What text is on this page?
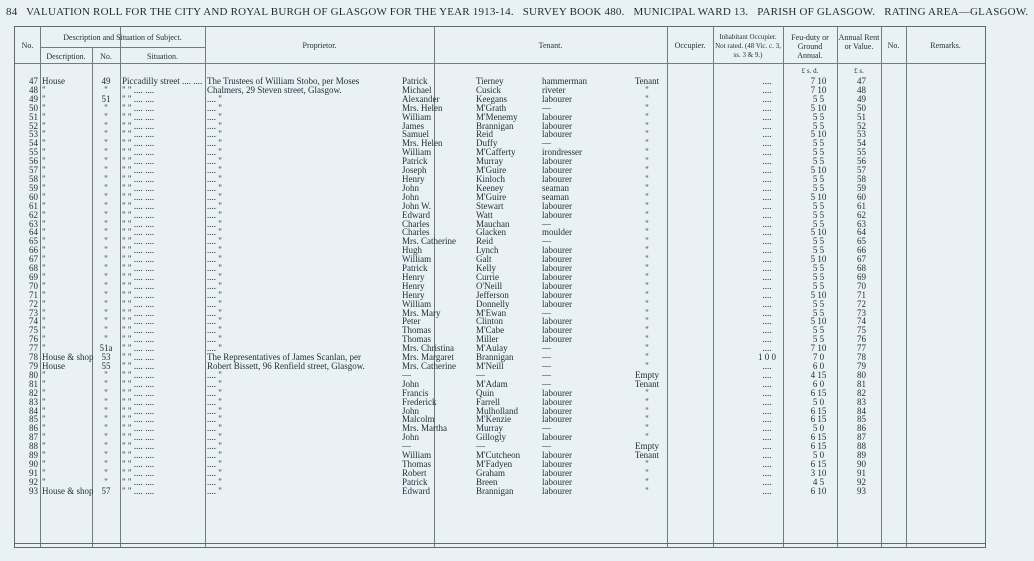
84 VALUATION ROLL FOR THE CITY AND ROYAL BURGH OF GLASGOW FOR THE YEAR 1913-14. SURVEY BOOK 480. MUNICIPAL WARD 13. PARISH OF GLASGOW. RATING AREA—GLASGOW.
No.
Description and Situation of Subject.
Description.	No.	Situation.
Proprietor.	Tenant.	Occupier.
Inhabitant Occupier. Not rated. (48 Vic. c. 3, ss. 3 & 9.)
Feu-duty or Ground Annual.
Annual Rent or Value.	No.	Remarks.
£ s. d.	£ s.
47	House	49	Piccadilly street .... ....	The Trustees of William Stobo, per Moses	Patrick	Tierney	hammerman	Tenant		....	7 10	47	
48	"	"	" " .... ....	Chalmers, 29 Steven street, Glasgow.	Michael	Cusick	riveter	"		....	7 10	48	
49	"	51	" " .... ....	.... "	Alexander	Keegans	labourer	"		....	5 5	49	
50	"	"	" " .... ....	.... "	Mrs. Helen	M'Grath	—	"		....	5 10	50	
51	"	"	" " .... ....	.... "	William	M'Menemy	labourer	"		....	5 5	51	
52	"	"	" " .... ....	.... "	James	Brannigan	labourer	"		....	5 5	52	
53	"	"	" " .... ....	.... "	Samuel	Reid	labourer	"		....	5 10	53	
54	"	"	" " .... ....	.... "	Mrs. Helen	Duffy	—	"		....	5 5	54	
55	"	"	" " .... ....	.... "	William	M'Cafferty	irondresser	"		....	5 5	55	
56	"	"	" " .... ....	.... "	Patrick	Murray	labourer	"		....	5 5	56	
57	"	"	" " .... ....	.... "	Joseph	M'Guire	labourer	"		....	5 10	57	
58	"	"	" " .... ....	.... "	Henry	Kinloch	labourer	"		....	5 5	58	
59	"	"	" " .... ....	.... "	John	Keeney	seaman	"		....	5 5	59	
60	"	"	" " .... ....	.... "	John	M'Guire	seaman	"		....	5 10	60	
61	"	"	" " .... ....	.... "	John W.	Stewart	labourer	"		....	5 5	61	
62	"	"	" " .... ....	.... "	Edward	Watt	labourer	"		....	5 5	62	
63	"	"	" " .... ....	.... "	Charles	Mauchan	—	"		....	5 5	63	
64	"	"	" " .... ....	.... "	Charles	Glacken	moulder	"		....	5 10	64	
65	"	"	" " .... ....	.... "	Mrs. Catherine	Reid	—	"		....	5 5	65	
66	"	"	" " .... ....	.... "	Hugh	Lynch	labourer	"		....	5 5	66	
67	"	"	" " .... ....	.... "	William	Galt	labourer	"		....	5 10	67	
68	"	"	" " .... ....	.... "	Patrick	Kelly	labourer	"		....	5 5	68	
69	"	"	" " .... ....	.... "	Henry	Currie	labourer	"		....	5 5	69	
70	"	"	" " .... ....	.... "	Henry	O'Neill	labourer	"		....	5 5	70	
71	"	"	" " .... ....	.... "	Henry	Jefferson	labourer	"		....	5 10	71	
72	"	"	" " .... ....	.... "	William	Donnelly	labourer	"		....	5 5	72	
73	"	"	" " .... ....	.... "	Mrs. Mary	M'Ewan	—	"		....	5 5	73	
74	"	"	" " .... ....	.... "	Peter	Clinton	labourer	"		....	5 10	74	
75	"	"	" " .... ....	.... "	Thomas	M'Cabe	labourer	"		....	5 5	75	
76	"	"	" " .... ....	.... "	Thomas	Miller	labourer	"		....	5 5	76	
77	"	51a	" " .... ....	.... "	Mrs. Christina	M'Aulay	—	"		....	7 10	77	
78	House & shop	53	" " .... ....	The Representatives of James Scanlan, per	Mrs. Margaret	Brannigan	—	"		1 0 0	7 0	78	
79	House	55	" " .... ....	Robert Bissett, 96 Renfield street, Glasgow.	Mrs. Catherine	M'Neill	—	"		....	6 0	79	
80	"	"	" " .... ....	.... "	—	—	—	Empty		....	4 15	80	
81	"	"	" " .... ....	.... "	John	M'Adam	—	Tenant		....	6 0	81	
82	"	"	" " .... ....	.... "	Francis	Quin	labourer	"		....	6 15	82	
83	"	"	" " .... ....	.... "	Frederick	Farrell	labourer	"		....	5 0	83	
84	"	"	" " .... ....	.... "	John	Mulholland	labourer	"		....	6 15	84	
85	"	"	" " .... ....	.... "	Malcolm	M'Kenzie	labourer	"		....	6 15	85	
86	"	"	" " .... ....	.... "	Mrs. Martha	Murray	—	"		....	5 0	86	
87	"	"	" " .... ....	.... "	John	Gillogly	labourer	"		....	6 15	87	
88	"	"	" " .... ....	.... "	—	—	—	Empty		....	6 15	88	
89	"	"	" " .... ....	.... "	William	M'Cutcheon	labourer	Tenant		....	5 0	89	
90	"	"	" " .... ....	.... "	Thomas	M'Fadyen	labourer	"		....	6 15	90	
91	"	"	" " .... ....	.... "	Robert	Graham	labourer	"		....	3 10	91	
92	"	"	" " .... ....	.... "	Patrick	Breen	labourer	"		....	4 5	92	
93	House & shop	57	" " .... ....	.... "	Edward	Brannigan	labourer	"		....	6 10	93	
